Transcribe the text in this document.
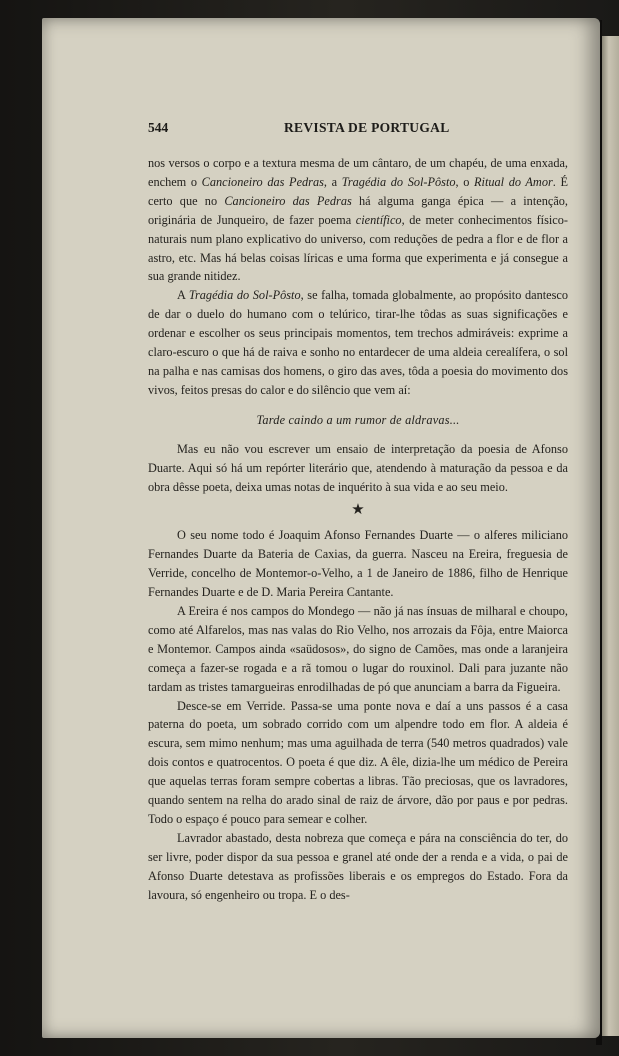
544	REVISTA DE PORTUGAL

nos versos o corpo e a textura mesma de um cântaro, de um chapéu, de uma enxada, enchem o Cancioneiro das Pedras, a Tragédia do Sol-Pôsto, o Ritual do Amor. É certo que no Cancioneiro das Pedras há alguma ganga épica — a intenção, originária de Junqueiro, de fazer poema científico, de meter conhecimentos físico-naturais num plano explicativo do universo, com reduções de pedra a flor e de flor a astro, etc. Mas há belas coisas líricas e uma forma que experimenta e já consegue a sua grande nitidez.

A Tragédia do Sol-Pôsto, se falha, tomada globalmente, ao propósito dantesco de dar o duelo do humano com o telúrico, tirar-lhe tôdas as suas significações e ordenar e escolher os seus principais momentos, tem trechos admiráveis: exprime a claro-escuro o que há de raiva e sonho no entardecer de uma aldeia cerealífera, o sol na palha e nas camisas dos homens, o giro das aves, tôda a poesia do movimento dos vivos, feitos presas do calor e do silêncio que vem aí:

Tarde caindo a um rumor de aldravas...

Mas eu não vou escrever um ensaio de interpretação da poesia de Afonso Duarte. Aqui só há um repórter literário que, atendendo à maturação da pessoa e da obra dêsse poeta, deixa umas notas de inquérito à sua vida e ao seu meio.

★

O seu nome todo é Joaquim Afonso Fernandes Duarte — o alferes miliciano Fernandes Duarte da Bateria de Caxias, da guerra. Nasceu na Ereira, freguesia de Verride, concelho de Montemor-o-Velho, a 1 de Janeiro de 1886, filho de Henrique Fernandes Duarte e de D. Maria Pereira Cantante.

A Ereira é nos campos do Mondego — não já nas ínsuas de milharal e choupo, como até Alfarelos, mas nas valas do Rio Velho, nos arrozais da Fôja, entre Maiorca e Montemor. Campos ainda «saüdosos», do signo de Camões, mas onde a laranjeira começa a fazer-se rogada e a rã tomou o lugar do rouxinol. Dali para juzante não tardam as tristes tamargueiras enrodilhadas de pó que anunciam a barra da Figueira.

Desce-se em Verride. Passa-se uma ponte nova e daí a uns passos é a casa paterna do poeta, um sobrado corrido com um alpendre todo em flor. A aldeia é escura, sem mimo nenhum; mas uma aguilhada de terra (540 metros quadrados) vale dois contos e quatrocentos. O poeta é que diz. A êle, dizia-lhe um médico de Pereira que aquelas terras foram sempre cobertas a libras. Tão preciosas, que os lavradores, quando sentem na relha do arado sinal de raiz de árvore, dão por paus e por pedras. Todo o espaço é pouco para semear e colher.

Lavrador abastado, desta nobreza que começa e pára na consciência do ter, do ser livre, poder dispor da sua pessoa e granel até onde der a renda e a vida, o pai de Afonso Duarte detestava as profissões liberais e os empregos do Estado. Fora da lavoura, só engenheiro ou tropa. E o des-
